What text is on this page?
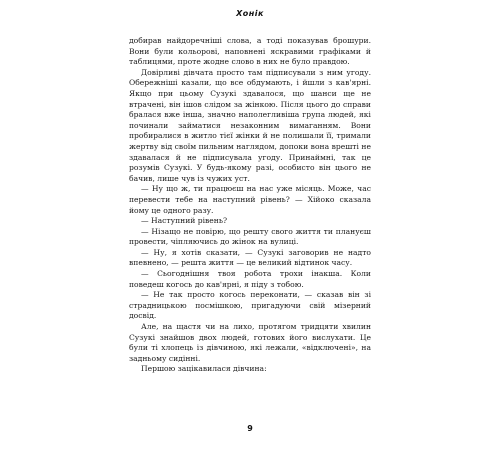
Хонік

добирав найдоречніші слова, а тоді показував брошури. Вони були кольорові, наповнені яскравими графіками й таблицями, проте жодне слово в них не було правдою.

Довірливі дівчата просто там підписували з ним угоду. Обережніші казали, що все обдумають, і йшли з кав'ярні. Якщо при цьому Сузукі здавалося, що шанси ще не втрачені, він ішов слідом за жінкою. Після цього до справи бралася вже інша, значно наполегливіша група людей, які починали займатися незаконним вимаганням. Вони пробиралися в житло тієї жінки й не полишали її, тримали жертву від своїм пильним наглядом, допоки вона врешті не здавалася й не підписувала угоду. Принаймні, так це розумів Сузукі. У будь-якому разі, особисто він цього не бачив, лише чув із чужих уст.

— Ну що ж, ти працюєш на нас уже місяць. Може, час перевести тебе на наступний рівень? — Хійоко сказала йому це одного разу.

— Наступний рівень?

— Нізащо не повірю, що решту свого життя ти плануєш провести, чіпляючись до жінок на вулиці.

— Ну, я хотів сказати, — Сузукі заговорив не надто впевнено, — решта життя — це великий відтинок часу.

— Сьогоднішня твоя робота трохи інакша. Коли поведеш когось до кав'ярні, я піду з тобою.

— Не так просто когось переконати, — сказав він зі страдницькою посмішкою, пригадуючи свій мізерний досвід.

Але, на щастя чи на лихо, протягом тридцяти хвилин Сузукі знайшов двох людей, готових його вислухати. Це були ті хлопець із дівчиною, які лежали, «відключені», на задньому сидінні.

Першою зацікавилася дівчина:

9
